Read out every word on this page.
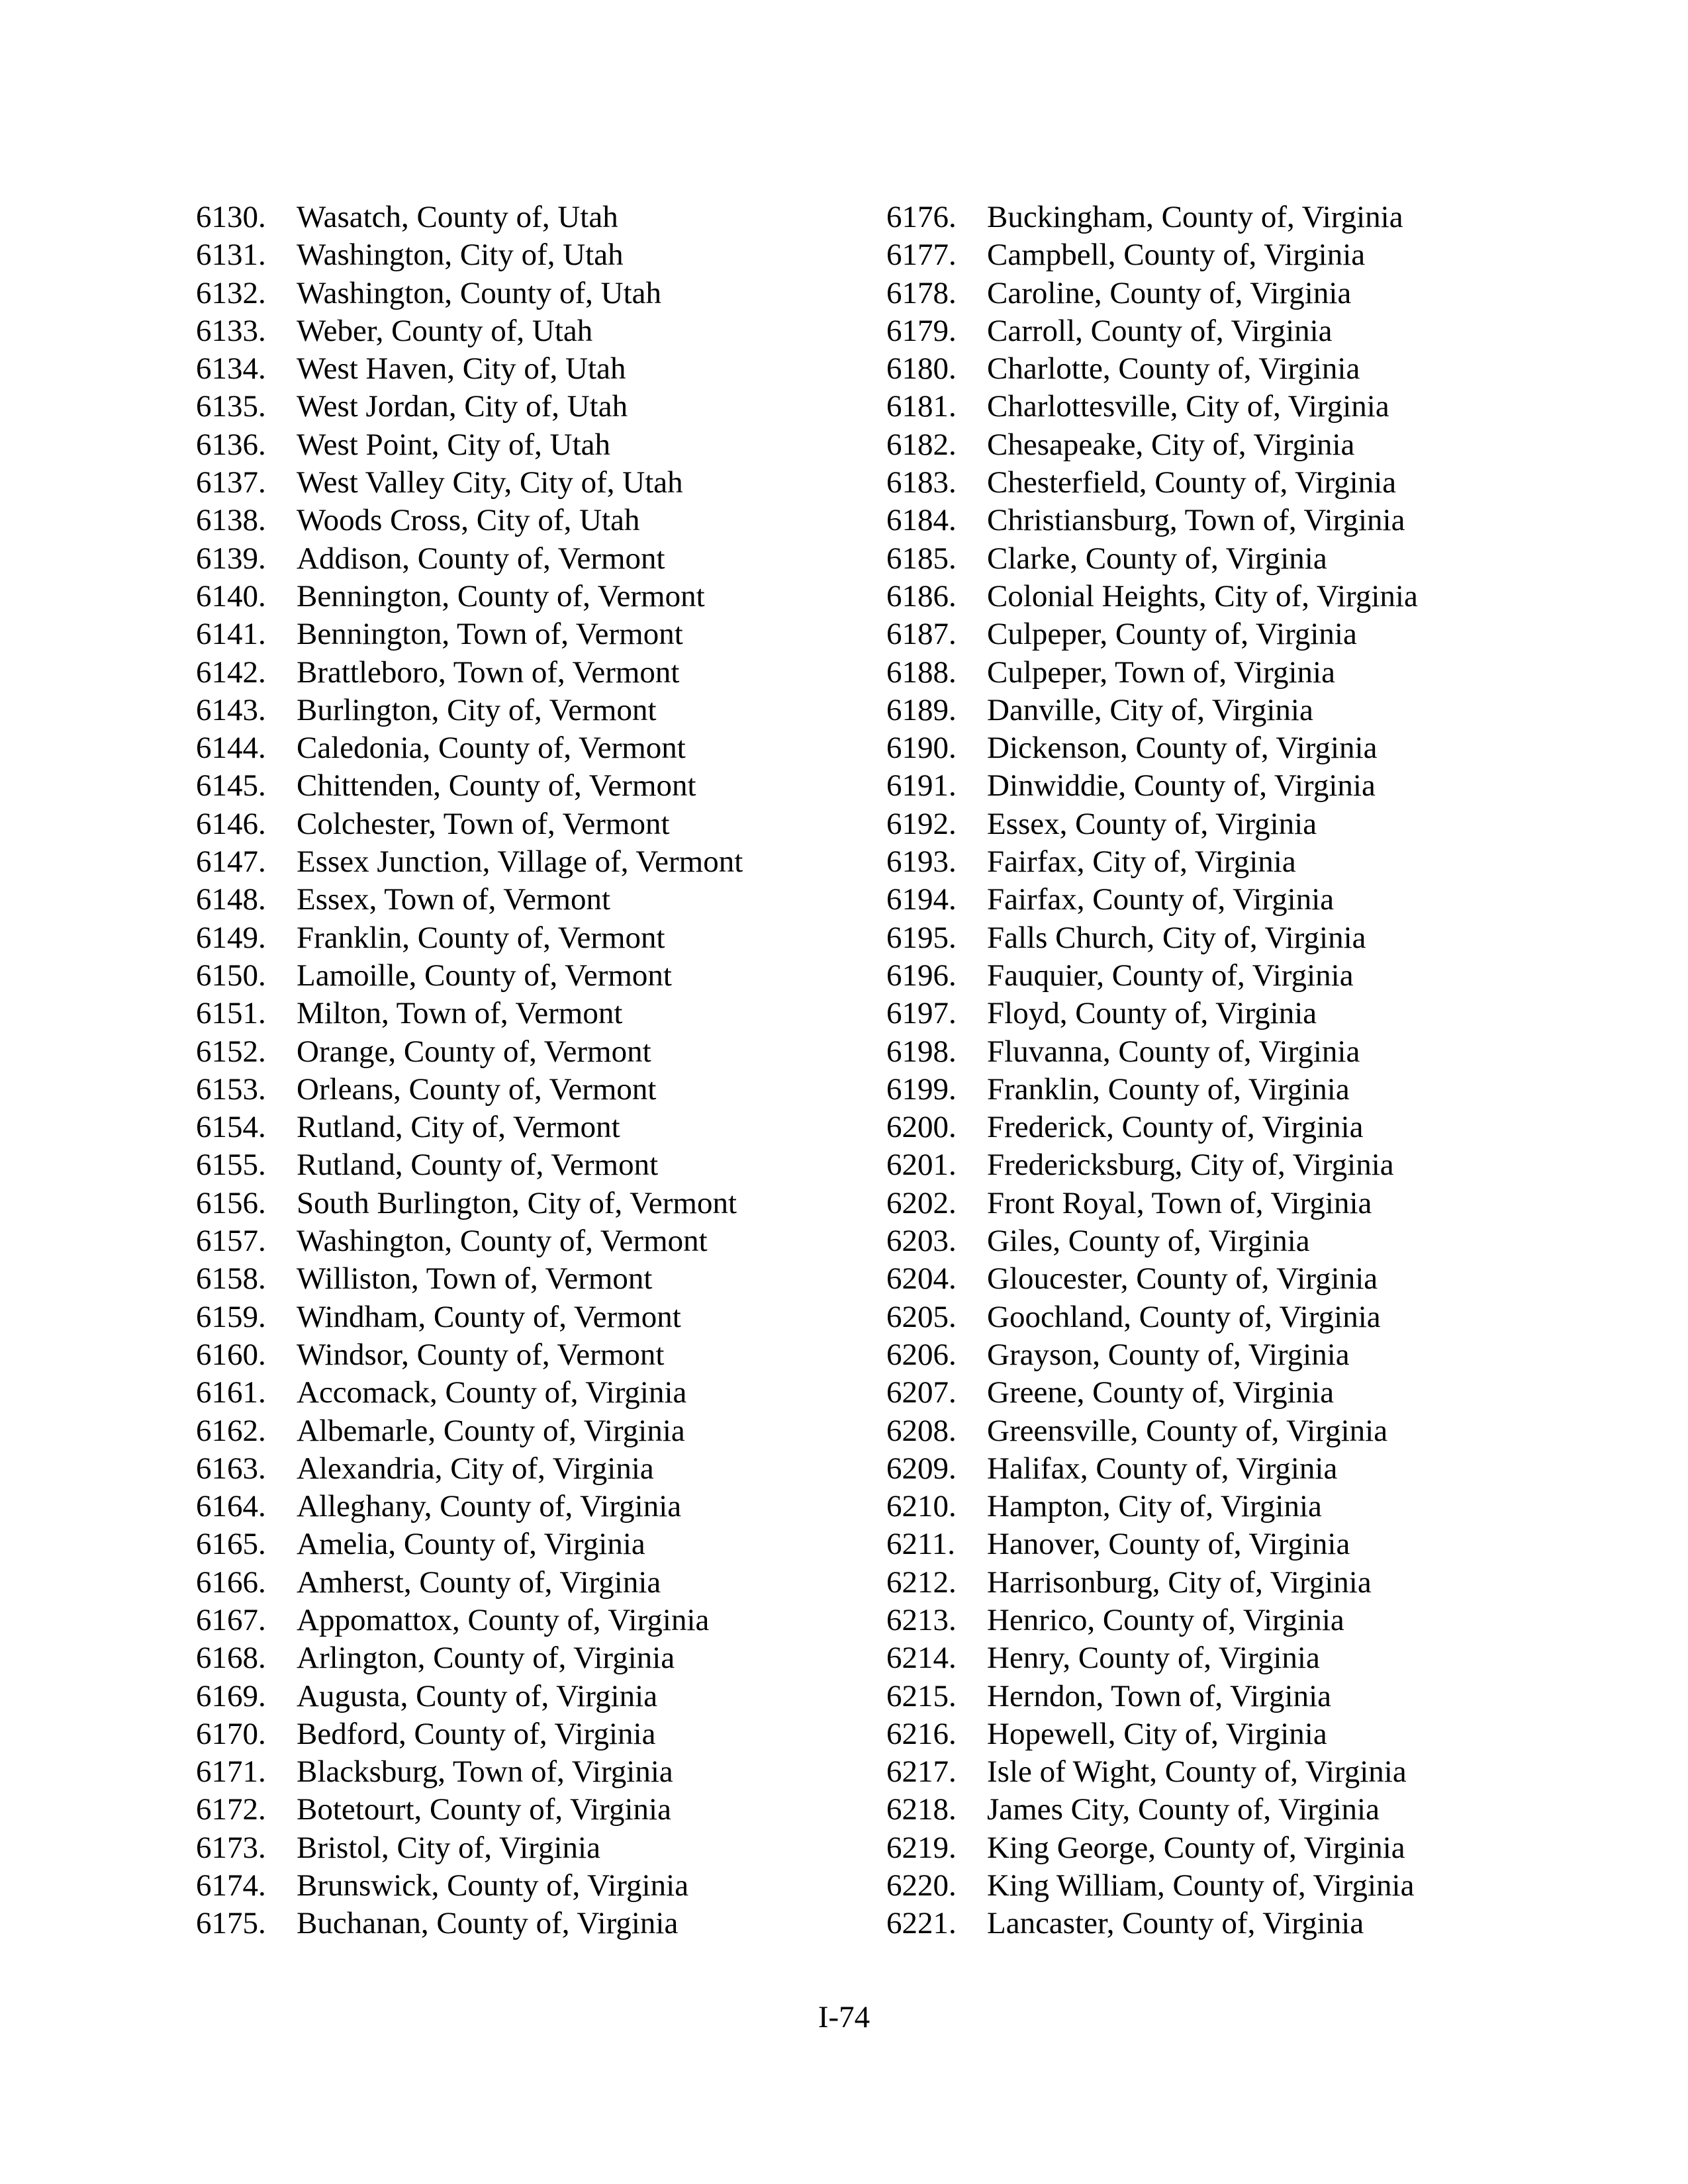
6130. Wasatch, County of, Utah
6131. Washington, City of, Utah
6132. Washington, County of, Utah
6133. Weber, County of, Utah
6134. West Haven, City of, Utah
6135. West Jordan, City of, Utah
6136. West Point, City of, Utah
6137. West Valley City, City of, Utah
6138. Woods Cross, City of, Utah
6139. Addison, County of, Vermont
6140. Bennington, County of, Vermont
6141. Bennington, Town of, Vermont
6142. Brattleboro, Town of, Vermont
6143. Burlington, City of, Vermont
6144. Caledonia, County of, Vermont
6145. Chittenden, County of, Vermont
6146. Colchester, Town of, Vermont
6147. Essex Junction, Village of, Vermont
6148. Essex, Town of, Vermont
6149. Franklin, County of, Vermont
6150. Lamoille, County of, Vermont
6151. Milton, Town of, Vermont
6152. Orange, County of, Vermont
6153. Orleans, County of, Vermont
6154. Rutland, City of, Vermont
6155. Rutland, County of, Vermont
6156. South Burlington, City of, Vermont
6157. Washington, County of, Vermont
6158. Williston, Town of, Vermont
6159. Windham, County of, Vermont
6160. Windsor, County of, Vermont
6161. Accomack, County of, Virginia
6162. Albemarle, County of, Virginia
6163. Alexandria, City of, Virginia
6164. Alleghany, County of, Virginia
6165. Amelia, County of, Virginia
6166. Amherst, County of, Virginia
6167. Appomattox, County of, Virginia
6168. Arlington, County of, Virginia
6169. Augusta, County of, Virginia
6170. Bedford, County of, Virginia
6171. Blacksburg, Town of, Virginia
6172. Botetourt, County of, Virginia
6173. Bristol, City of, Virginia
6174. Brunswick, County of, Virginia
6175. Buchanan, County of, Virginia
6176. Buckingham, County of, Virginia
6177. Campbell, County of, Virginia
6178. Caroline, County of, Virginia
6179. Carroll, County of, Virginia
6180. Charlotte, County of, Virginia
6181. Charlottesville, City of, Virginia
6182. Chesapeake, City of, Virginia
6183. Chesterfield, County of, Virginia
6184. Christiansburg, Town of, Virginia
6185. Clarke, County of, Virginia
6186. Colonial Heights, City of, Virginia
6187. Culpeper, County of, Virginia
6188. Culpeper, Town of, Virginia
6189. Danville, City of, Virginia
6190. Dickenson, County of, Virginia
6191. Dinwiddie, County of, Virginia
6192. Essex, County of, Virginia
6193. Fairfax, City of, Virginia
6194. Fairfax, County of, Virginia
6195. Falls Church, City of, Virginia
6196. Fauquier, County of, Virginia
6197. Floyd, County of, Virginia
6198. Fluvanna, County of, Virginia
6199. Franklin, County of, Virginia
6200. Frederick, County of, Virginia
6201. Fredericksburg, City of, Virginia
6202. Front Royal, Town of, Virginia
6203. Giles, County of, Virginia
6204. Gloucester, County of, Virginia
6205. Goochland, County of, Virginia
6206. Grayson, County of, Virginia
6207. Greene, County of, Virginia
6208. Greensville, County of, Virginia
6209. Halifax, County of, Virginia
6210. Hampton, City of, Virginia
6211.	Hanover, County of, Virginia
6212. Harrisonburg, City of, Virginia
6213. Henrico, County of, Virginia
6214. Henry, County of, Virginia
6215. Herndon, Town of, Virginia
6216. Hopewell, City of, Virginia
6217. Isle of Wight, County of, Virginia
6218. James City, County of, Virginia
6219. King George, County of, Virginia
6220. King William, County of, Virginia
6221. Lancaster, County of, Virginia
I-74
